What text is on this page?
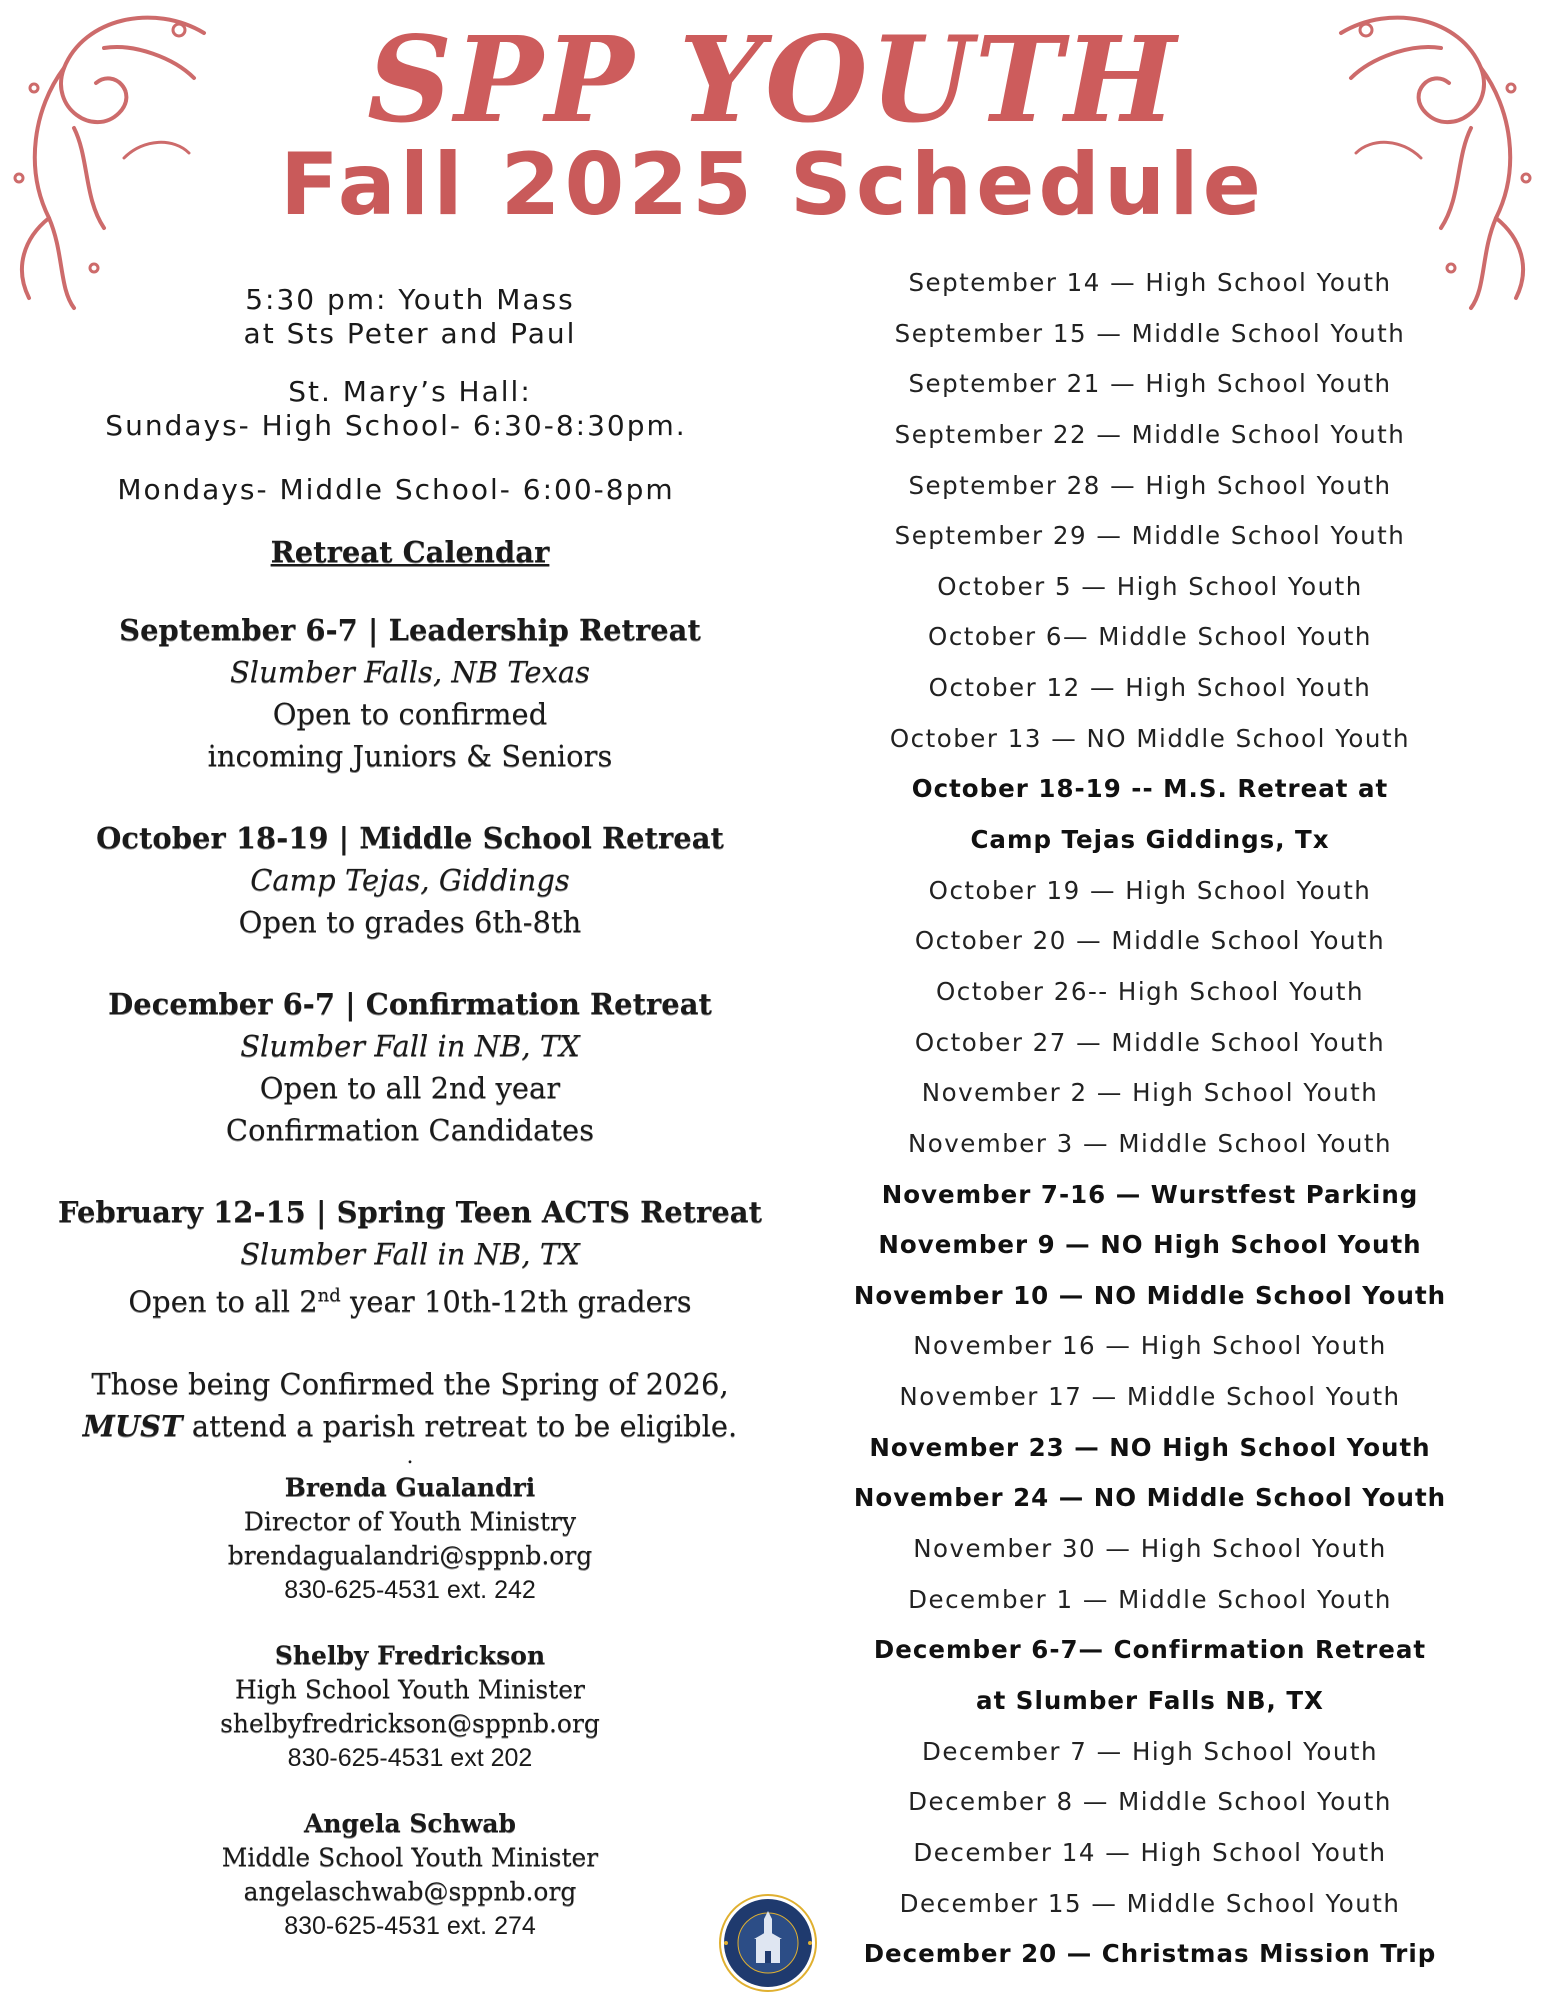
SPP YOUTH
Fall 2025 Schedule
5:30 pm: Youth Mass
at Sts Peter and Paul
St. Mary’s Hall:
Sundays- High School- 6:30-8:30pm.
Mondays- Middle School- 6:00-8pm
Retreat Calendar
September 6-7 | Leadership Retreat
Slumber Falls, NB Texas
Open to confirmed
incoming Juniors & Seniors
October 18-19 | Middle School Retreat
Camp Tejas, Giddings
Open to grades 6th-8th
December 6-7 | Confirmation Retreat
Slumber Fall in NB, TX
Open to all 2nd year
Confirmation Candidates
February 12-15 | Spring Teen ACTS Retreat
Slumber Fall in NB, TX
Open to all 2nd year 10th-12th graders
Those being Confirmed the Spring of 2026,
MUST attend a parish retreat to be eligible.
.
Brenda Gualandri
Director of Youth Ministry
brendagualandri@sppnb.org
830-625-4531 ext. 242
Shelby Fredrickson
High School Youth Minister
shelbyfredrickson@sppnb.org
830-625-4531 ext 202
Angela Schwab
Middle School Youth Minister
angelaschwab@sppnb.org
830-625-4531 ext. 274
September 14 — High School Youth
September 15 — Middle School Youth
September 21 — High School Youth
September 22 — Middle School Youth
September 28 — High School Youth
September 29 — Middle School Youth
October 5 — High School Youth
October 6— Middle School Youth
October 12 — High School Youth
October 13 — NO Middle School Youth
October 18-19 -- M.S. Retreat at
Camp Tejas Giddings, Tx
October 19 — High School Youth
October 20 — Middle School Youth
October 26-- High School Youth
October 27 — Middle School Youth
November 2 — High School Youth
November 3 — Middle School Youth
November 7-16 — Wurstfest Parking
November 9 — NO High School Youth
November 10 — NO Middle School Youth
November 16 — High School Youth
November 17 — Middle School Youth
November 23 — NO High School Youth
November 24 — NO Middle School Youth
November 30 — High School Youth
December 1 — Middle School Youth
December 6-7— Confirmation Retreat
at Slumber Falls NB, TX
December 7 — High School Youth
December 8 — Middle School Youth
December 14 — High School Youth
December 15 — Middle School Youth
December 20 — Christmas Mission Trip
